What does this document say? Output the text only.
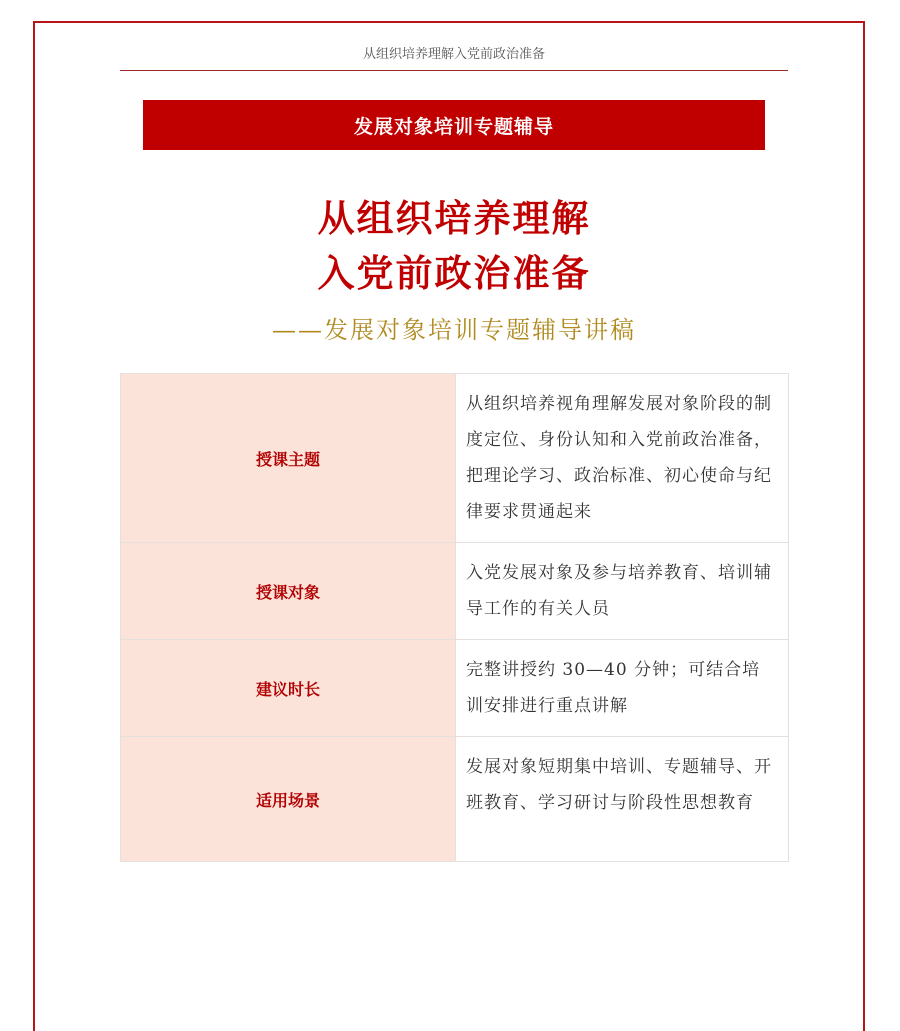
从组织培养理解入党前政治准备
发展对象培训专题辅导
从组织培养理解
入党前政治准备
——发展对象培训专题辅导讲稿
授课主题	从组织培养视角理解发展对象阶段的制度定位、身份认知和入党前政治准备，把理论学习、政治标准、初心使命与纪律要求贯通起来
授课对象	入党发展对象及参与培养教育、培训辅导工作的有关人员
建议时长	完整讲授约 30—40 分钟；可结合培训安排进行重点讲解
适用场景	发展对象短期集中培训、专题辅导、开班教育、学习研讨与阶段性思想教育
